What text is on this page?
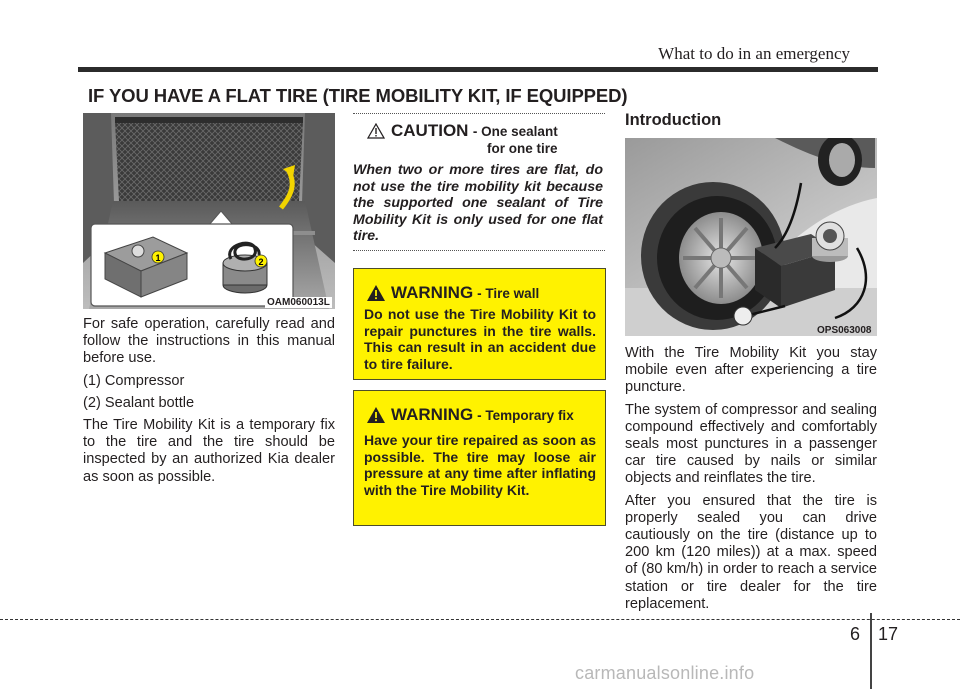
What to do in an emergency
IF YOU HAVE A FLAT TIRE (TIRE MOBILITY KIT, IF EQUIPPED)
1	2
OAM060013L

For safe operation, carefully read and follow the instructions in this manual before use.

(1) Compressor

(2) Sealant bottle

The Tire Mobility Kit is a temporary fix to the tire and the tire should be inspected by an authorized Kia dealer as soon as possible.

CAUTION - One sealant
for one tire
When two or more tires are flat, do not use the tire mobility kit because the supported one sealant of Tire Mobility Kit is only used for one flat tire.
WARNING - Tire wall
Do not use the Tire Mobility Kit to repair punctures in the tire walls. This can result in an accident due to tire failure.
WARNING - Temporary fix
Have your tire repaired as soon as possible. The tire may loose air pressure at any time after inflating with the Tire Mobility Kit.
Introduction
OPS063008

With the Tire Mobility Kit you stay mobile even after experiencing a tire puncture.

The system of compressor and sealing compound effectively and comfortably seals most punctures in a passenger car tire caused by nails or similar objects and reinflates the tire.

After you ensured that the tire is properly sealed you can drive cautiously on the tire (distance up to 200 km (120 miles)) at a max. speed of (80 km/h) in order to reach a service station or tire dealer for the tire replacement.

6 17
carmanualsonline.info
